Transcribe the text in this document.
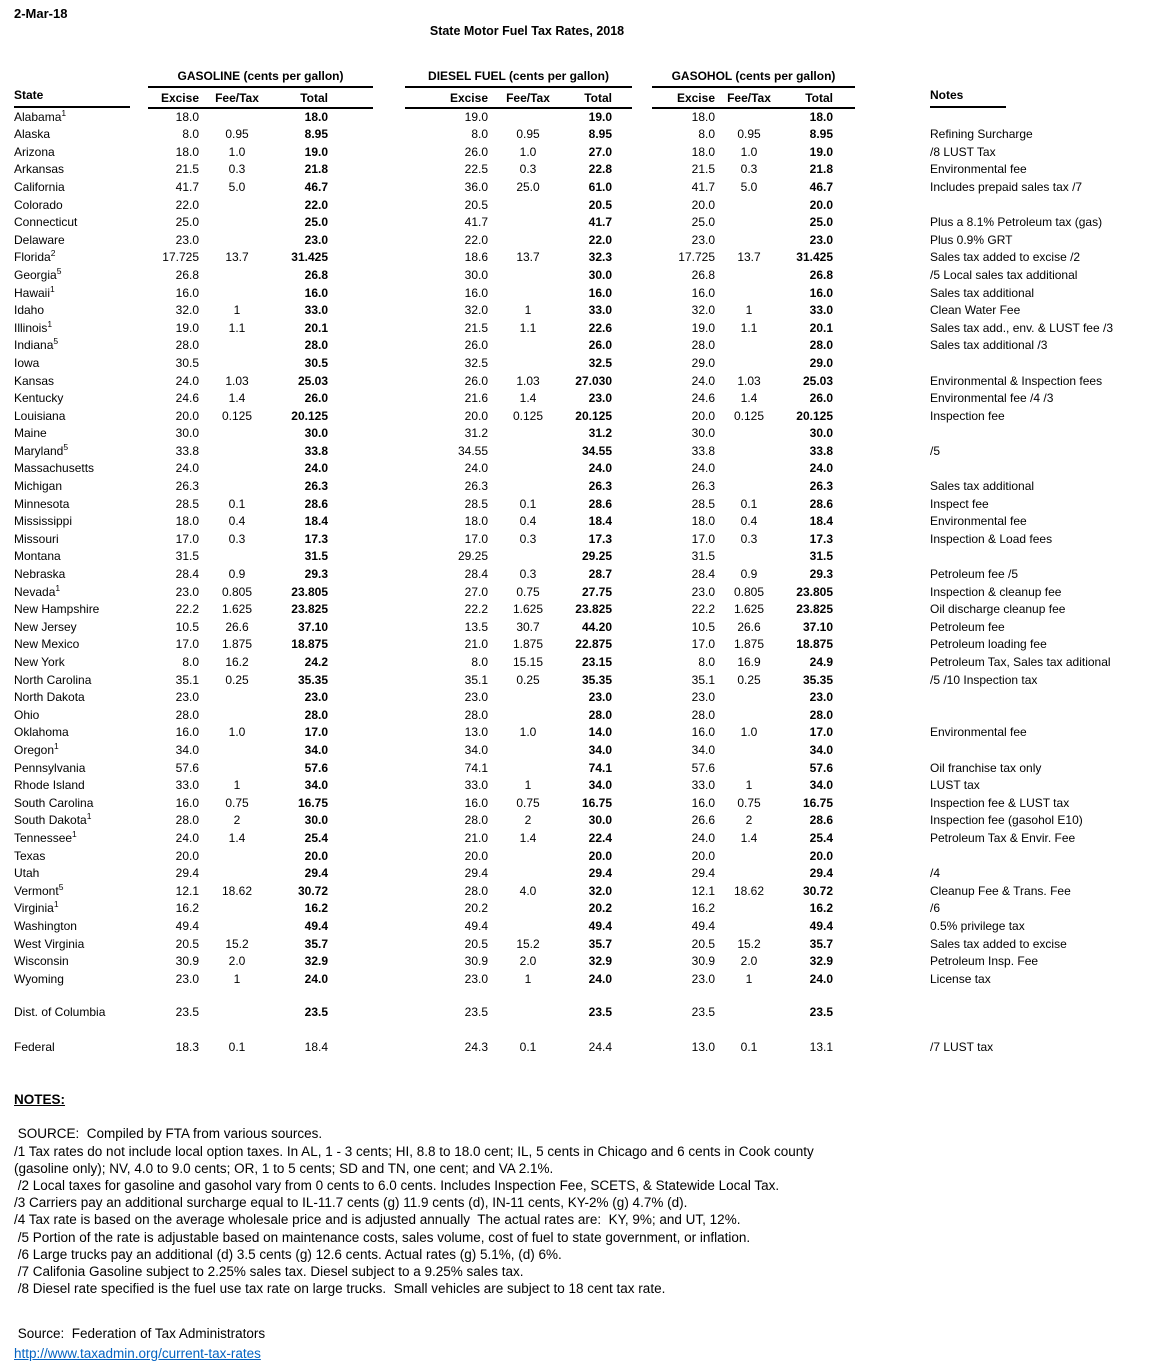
2-Mar-18
State Motor Fuel Tax Rates, 2018
	GASOLINE (cents per gallon)				DIESEL FUEL (cents per gallon)				GASOHOL (cents per gallon)				
State	Excise	Fee/Tax	Total		Excise	Fee/Tax	Total		Excise	Fee/Tax	Total		Notes
Alabama$^1$	18.0		18.0		19.0		19.0		18.0		18.0		
Alaska	8.0	0.95	8.95		8.0	0.95	8.95		8.0	0.95	8.95		Refining Surcharge
Arizona	18.0	1.0	19.0		26.0	1.0	27.0		18.0	1.0	19.0		/8 LUST Tax
Arkansas	21.5	0.3	21.8		22.5	0.3	22.8		21.5	0.3	21.8		Environmental fee
California	41.7	5.0	46.7		36.0	25.0	61.0		41.7	5.0	46.7		Includes prepaid sales tax /7
Colorado	22.0		22.0		20.5		20.5		20.0		20.0		
Connecticut	25.0		25.0		41.7		41.7		25.0		25.0		Plus a 8.1% Petroleum tax (gas)
Delaware	23.0		23.0		22.0		22.0		23.0		23.0		Plus 0.9% GRT
Florida$^2$	17.725	13.7	31.425		18.6	13.7	32.3		17.725	13.7	31.425		Sales tax added to excise /2
Georgia$^5$	26.8		26.8		30.0		30.0		26.8		26.8		/5 Local sales tax additional
Hawaii$^1$	16.0		16.0		16.0		16.0		16.0		16.0		Sales tax additional
Idaho	32.0	1	33.0		32.0	1	33.0		32.0	1	33.0		Clean Water Fee
Illinois$^1$	19.0	1.1	20.1		21.5	1.1	22.6		19.0	1.1	20.1		Sales tax add., env. & LUST fee /3
Indiana$^5$	28.0		28.0		26.0		26.0		28.0		28.0		Sales tax additional /3
Iowa	30.5		30.5		32.5		32.5		29.0		29.0		
Kansas	24.0	1.03	25.03		26.0	1.03	27.030		24.0	1.03	25.03		Environmental & Inspection fees
Kentucky	24.6	1.4	26.0		21.6	1.4	23.0		24.6	1.4	26.0		Environmental fee /4 /3
Louisiana	20.0	0.125	20.125		20.0	0.125	20.125		20.0	0.125	20.125		Inspection fee
Maine	30.0		30.0		31.2		31.2		30.0		30.0		
Maryland$^5$	33.8		33.8		34.55		34.55		33.8		33.8		/5
Massachusetts	24.0		24.0		24.0		24.0		24.0		24.0		
Michigan	26.3		26.3		26.3		26.3		26.3		26.3		Sales tax additional
Minnesota	28.5	0.1	28.6		28.5	0.1	28.6		28.5	0.1	28.6		Inspect fee
Mississippi	18.0	0.4	18.4		18.0	0.4	18.4		18.0	0.4	18.4		Environmental fee
Missouri	17.0	0.3	17.3		17.0	0.3	17.3		17.0	0.3	17.3		Inspection & Load fees
Montana	31.5		31.5		29.25		29.25		31.5		31.5		
Nebraska	28.4	0.9	29.3		28.4	0.3	28.7		28.4	0.9	29.3		Petroleum fee /5
Nevada$^1$	23.0	0.805	23.805		27.0	0.75	27.75		23.0	0.805	23.805		Inspection & cleanup fee
New Hampshire	22.2	1.625	23.825		22.2	1.625	23.825		22.2	1.625	23.825		Oil discharge cleanup fee
New Jersey	10.5	26.6	37.10		13.5	30.7	44.20		10.5	26.6	37.10		Petroleum fee
New Mexico	17.0	1.875	18.875		21.0	1.875	22.875		17.0	1.875	18.875		Petroleum loading fee
New York	8.0	16.2	24.2		8.0	15.15	23.15		8.0	16.9	24.9		Petroleum Tax, Sales tax aditional
North Carolina	35.1	0.25	35.35		35.1	0.25	35.35		35.1	0.25	35.35		/5 /10 Inspection tax
North Dakota	23.0		23.0		23.0		23.0		23.0		23.0		
Ohio	28.0		28.0		28.0		28.0		28.0		28.0		
Oklahoma	16.0	1.0	17.0		13.0	1.0	14.0		16.0	1.0	17.0		Environmental fee
Oregon$^1$	34.0		34.0		34.0		34.0		34.0		34.0		
Pennsylvania	57.6		57.6		74.1		74.1		57.6		57.6		Oil franchise tax only
Rhode Island	33.0	1	34.0		33.0	1	34.0		33.0	1	34.0		LUST tax
South Carolina	16.0	0.75	16.75		16.0	0.75	16.75		16.0	0.75	16.75		Inspection fee & LUST tax
South Dakota$^1$	28.0	2	30.0		28.0	2	30.0		26.6	2	28.6		Inspection fee (gasohol E10)
Tennessee$^1$	24.0	1.4	25.4		21.0	1.4	22.4		24.0	1.4	25.4		Petroleum Tax & Envir. Fee
Texas	20.0		20.0		20.0		20.0		20.0		20.0		
Utah	29.4		29.4		29.4		29.4		29.4		29.4		/4
Vermont$^5$	12.1	18.62	30.72		28.0	4.0	32.0		12.1	18.62	30.72		Cleanup Fee & Trans. Fee
Virginia$^1$	16.2		16.2		20.2		20.2		16.2		16.2		/6
Washington	49.4		49.4		49.4		49.4		49.4		49.4		0.5% privilege tax
West Virginia	20.5	15.2	35.7		20.5	15.2	35.7		20.5	15.2	35.7		Sales tax added to excise
Wisconsin	30.9	2.0	32.9		30.9	2.0	32.9		30.9	2.0	32.9		Petroleum Insp. Fee
Wyoming	23.0	1	24.0		23.0	1	24.0		23.0	1	24.0		License tax

Dist. of Columbia	23.5		23.5		23.5		23.5		23.5		23.5		

Federal	18.3	0.1	18.4		24.3	0.1	24.4		13.0	0.1	13.1		/7 LUST tax
NOTES:
SOURCE:  Compiled by FTA from various sources.
/1 Tax rates do not include local option taxes. In AL, 1 - 3 cents; HI, 8.8 to 18.0 cent; IL, 5 cents in Chicago and 6 cents in Cook county
(gasoline only); NV, 4.0 to 9.0 cents; OR, 1 to 5 cents; SD and TN, one cent; and VA 2.1%.
/2 Local taxes for gasoline and gasohol vary from 0 cents to 6.0 cents. Includes Inspection Fee, SCETS, & Statewide Local Tax.
/3 Carriers pay an additional surcharge equal to IL-11.7 cents (g) 11.9 cents (d), IN-11 cents, KY-2% (g) 4.7% (d).
/4 Tax rate is based on the average wholesale price and is adjusted annually  The actual rates are:  KY, 9%; and UT, 12%.
/5 Portion of the rate is adjustable based on maintenance costs, sales volume, cost of fuel to state government, or inflation.
/6 Large trucks pay an additional (d) 3.5 cents (g) 12.6 cents. Actual rates (g) 5.1%, (d) 6%.
/7 Califonia Gasoline subject to 2.25% sales tax. Diesel subject to a 9.25% sales tax.
/8 Diesel rate specified is the fuel use tax rate on large trucks.  Small vehicles are subject to 18 cent tax rate.
Source:  Federation of Tax Administrators
http://www.taxadmin.org/current-tax-rates
